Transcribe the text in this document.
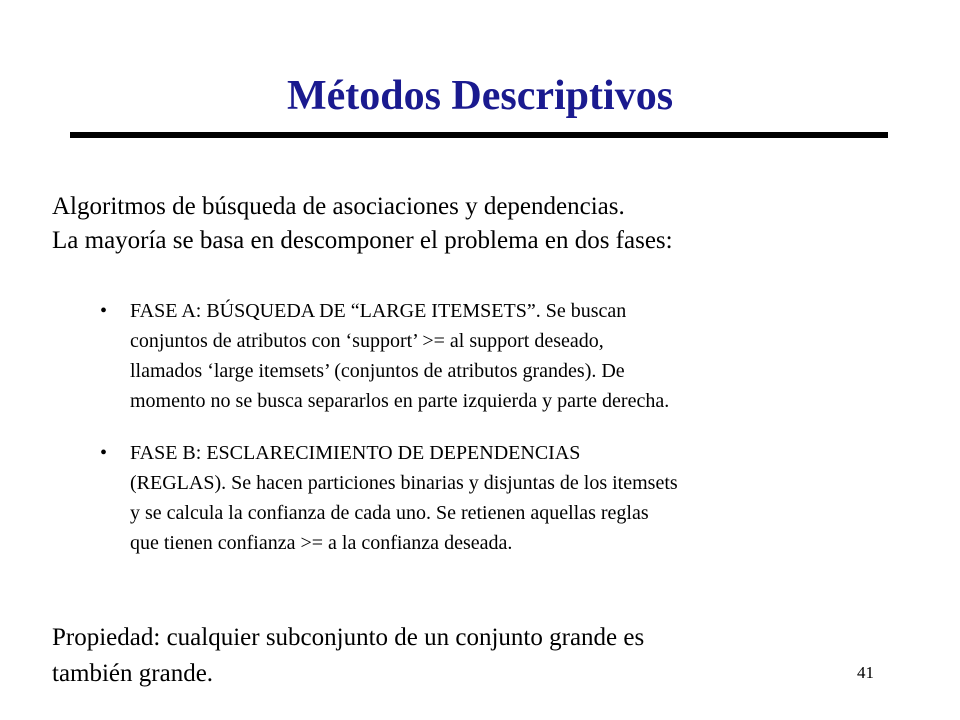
Métodos Descriptivos

Algoritmos de búsqueda de asociaciones y dependencias.

La mayoría se basa en descomponer el problema en dos fases:

• FASE A: BÚSQUEDA DE “LARGE ITEMSETS”. Se buscan
conjuntos de atributos con ‘support’ >= al support deseado,
llamados ‘large itemsets’ (conjuntos de atributos grandes). De
momento no se busca separarlos en parte izquierda y parte derecha.
• FASE B: ESCLARECIMIENTO DE DEPENDENCIAS
(REGLAS). Se hacen particiones binarias y disjuntas de los itemsets
y se calcula la confianza de cada uno. Se retienen aquellas reglas
que tienen confianza >= a la confianza deseada.

Propiedad: cualquier subconjunto de un conjunto grande es

también grande.	41
